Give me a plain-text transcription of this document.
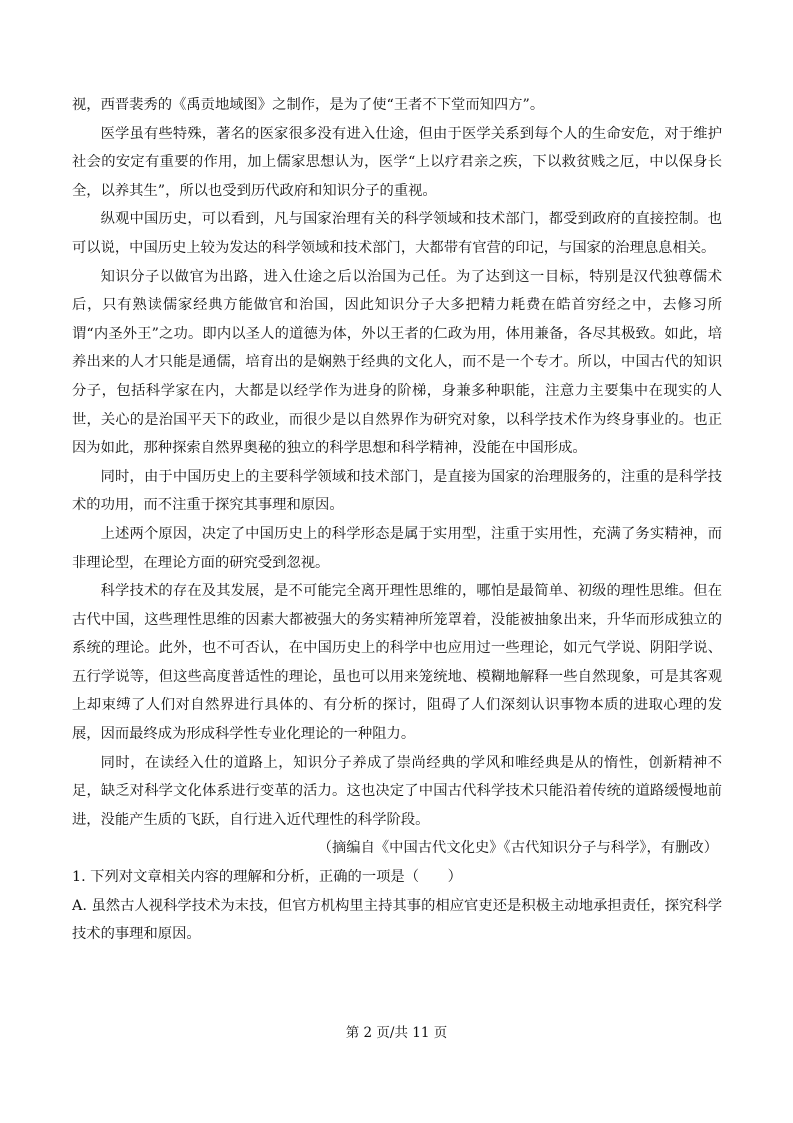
视，西晋裴秀的《禹贡地域图》之制作，是为了使“王者不下堂而知四方”。

医学虽有些特殊，著名的医家很多没有进入仕途，但由于医学关系到每个人的生命安危，对于维护社会的安定有重要的作用，加上儒家思想认为，医学“上以疗君亲之疾，下以救贫贱之厄，中以保身长全，以养其生”，所以也受到历代政府和知识分子的重视。

纵观中国历史，可以看到，凡与国家治理有关的科学领域和技术部门，都受到政府的直接控制。也可以说，中国历史上较为发达的科学领域和技术部门，大都带有官营的印记，与国家的治理息息相关。

知识分子以做官为出路，进入仕途之后以治国为己任。为了达到这一目标，特别是汉代独尊儒术后，只有熟读儒家经典方能做官和治国，因此知识分子大多把精力耗费在皓首穷经之中，去修习所谓“内圣外王”之功。即内以圣人的道德为体，外以王者的仁政为用，体用兼备，各尽其极致。如此，培养出来的人才只能是通儒，培育出的是娴熟于经典的文化人，而不是一个专才。所以，中国古代的知识分子，包括科学家在内，大都是以经学作为进身的阶梯，身兼多种职能，注意力主要集中在现实的人世，关心的是治国平天下的政业，而很少是以自然界作为研究对象，以科学技术作为终身事业的。也正因为如此，那种探索自然界奥秘的独立的科学思想和科学精神，没能在中国形成。

同时，由于中国历史上的主要科学领域和技术部门，是直接为国家的治理服务的，注重的是科学技术的功用，而不注重于探究其事理和原因。

上述两个原因，决定了中国历史上的科学形态是属于实用型，注重于实用性，充满了务实精神，而非理论型，在理论方面的研究受到忽视。

科学技术的存在及其发展，是不可能完全离开理性思维的，哪怕是最简单、初级的理性思维。但在古代中国，这些理性思维的因素大都被强大的务实精神所笼罩着，没能被抽象出来，升华而形成独立的系统的理论。此外，也不可否认，在中国历史上的科学中也应用过一些理论，如元气学说、阴阳学说、五行学说等，但这些高度普适性的理论，虽也可以用来笼统地、模糊地解释一些自然现象，可是其客观上却束缚了人们对自然界进行具体的、有分析的探讨，阻碍了人们深刻认识事物本质的进取心理的发展，因而最终成为形成科学性专业化理论的一种阻力。

同时，在读经入仕的道路上，知识分子养成了崇尚经典的学风和唯经典是从的惰性，创新精神不足，缺乏对科学文化体系进行变革的活力。这也决定了中国古代科学技术只能沿着传统的道路缓慢地前进，没能产生质的飞跃，自行进入近代理性的科学阶段。

（摘编自《中国古代文化史》《古代知识分子与科学》，有删改）

1. 下列对文章相关内容的理解和分析，正确的一项是（　　）

A. 虽然古人视科学技术为末技，但官方机构里主持其事的相应官吏还是积极主动地承担责任，探究科学技术的事理和原因。

第 2 页/共 11 页
